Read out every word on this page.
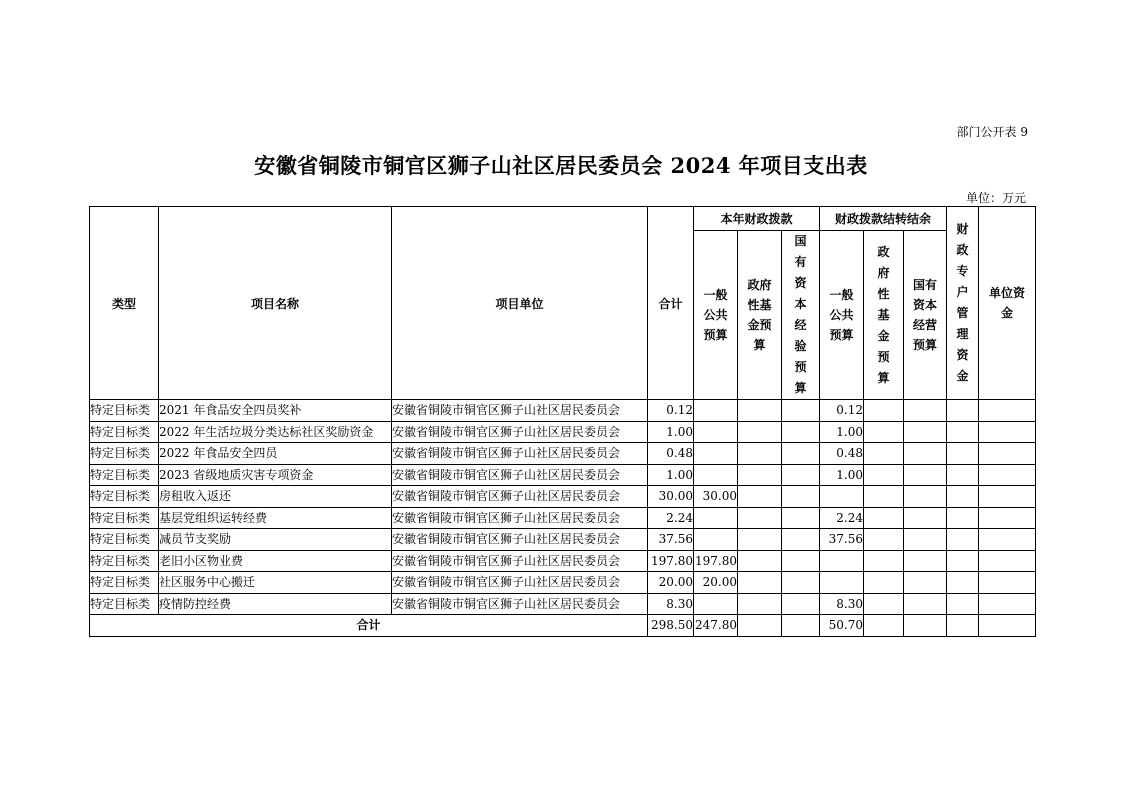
部门公开表 9
安徽省铜陵市铜官区狮子山社区居民委员会 2024 年项目支出表
单位：万元
类型	项目名称	项目单位	合计	本年财政拨款			财政拨款结转结余			财政专户管理资金	单位资金
				一般公共预算	政府性基金预算	国有资本经验预算	一般公共预算	政府性基金预算	国有资本经营预算		
特定目标类	2021 年食品安全四员奖补	安徽省铜陵市铜官区狮子山社区居民委员会	0.12				0.12				
特定目标类	2022 年生活垃圾分类达标社区奖励资金	安徽省铜陵市铜官区狮子山社区居民委员会	1.00				1.00				
特定目标类	2022 年食品安全四员	安徽省铜陵市铜官区狮子山社区居民委员会	0.48				0.48				
特定目标类	2023 省级地质灾害专项资金	安徽省铜陵市铜官区狮子山社区居民委员会	1.00				1.00				
特定目标类	房租收入返还	安徽省铜陵市铜官区狮子山社区居民委员会	30.00	30.00							
特定目标类	基层党组织运转经费	安徽省铜陵市铜官区狮子山社区居民委员会	2.24				2.24				
特定目标类	减员节支奖励	安徽省铜陵市铜官区狮子山社区居民委员会	37.56				37.56				
特定目标类	老旧小区物业费	安徽省铜陵市铜官区狮子山社区居民委员会	197.80	197.80							
特定目标类	社区服务中心搬迁	安徽省铜陵市铜官区狮子山社区居民委员会	20.00	20.00							
特定目标类	疫情防控经费	安徽省铜陵市铜官区狮子山社区居民委员会	8.30				8.30				
合计			298.50	247.80			50.70				
